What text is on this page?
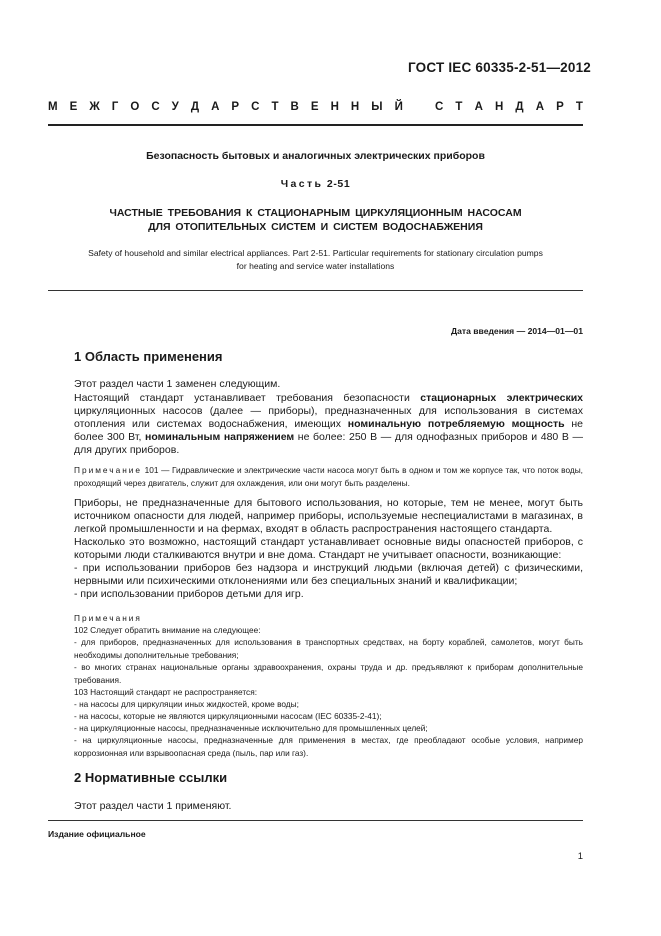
ГОСТ IEC 60335-2-51—2012
М Е Ж Г О С У Д А Р С Т В Е Н Н Ы Й	С Т А Н Д А Р Т
Безопасность бытовых и аналогичных электрических приборов
Часть 2-51
ЧАСТНЫЕ ТРЕБОВАНИЯ К СТАЦИОНАРНЫМ ЦИРКУЛЯЦИОННЫМ НАСОСАМ
ДЛЯ ОТОПИТЕЛЬНЫХ СИСТЕМ И СИСТЕМ ВОДОСНАБЖЕНИЯ
Safety of household and similar electrical appliances. Part 2-51. Particular requirements for stationary circulation pumps
for heating and service water installations
Дата введения — 2014—01—01
1 Область применения
Этот раздел части 1 заменен следующим.
Настоящий стандарт устанавливает требования безопасности стационарных электрических циркуляционных насосов (далее — приборы), предназначенных для использования в системах отопления или системах водоснабжения, имеющих номинальную потребляемую мощность не более 300 Вт, номинальным напряжением не более: 250 В — для однофазных приборов и 480 В — для других приборов.
Примечание 101 — Гидравлические и электрические части насоса могут быть в одном и том же корпусе так, что поток воды, проходящий через двигатель, служит для охлаждения, или они могут быть разделены.
Приборы, не предназначенные для бытового использования, но которые, тем не менее, могут быть источником опасности для людей, например приборы, используемые неспециалистами в магазинах, в легкой промышленности и на фермах, входят в область распространения настоящего стандарта.
Насколько это возможно, настоящий стандарт устанавливает основные виды опасностей приборов, с которыми люди сталкиваются внутри и вне дома. Стандарт не учитывает опасности, возникающие:
- при использовании приборов без надзора и инструкций людьми (включая детей) с физическими, нервными или психическими отклонениями или без специальных знаний и квалификации;
- при использовании приборов детьми для игр.
Примечания
102 Следует обратить внимание на следующее:
- для приборов, предназначенных для использования в транспортных средствах, на борту кораблей, самолетов, могут быть необходимы дополнительные требования;
- во многих странах национальные органы здравоохранения, охраны труда и др. предъявляют к приборам дополнительные требования.
103 Настоящий стандарт не распространяется:
- на насосы для циркуляции иных жидкостей, кроме воды;
- на насосы, которые не являются циркуляционными насосам (IEC 60335-2-41);
- на циркуляционные насосы, предназначенные исключительно для промышленных целей;
- на циркуляционные насосы, предназначенные для применения в местах, где преобладают особые условия, например коррозионная или взрывоопасная среда (пыль, пар или газ).
2 Нормативные ссылки
Этот раздел части 1 применяют.
Издание официальное
1
